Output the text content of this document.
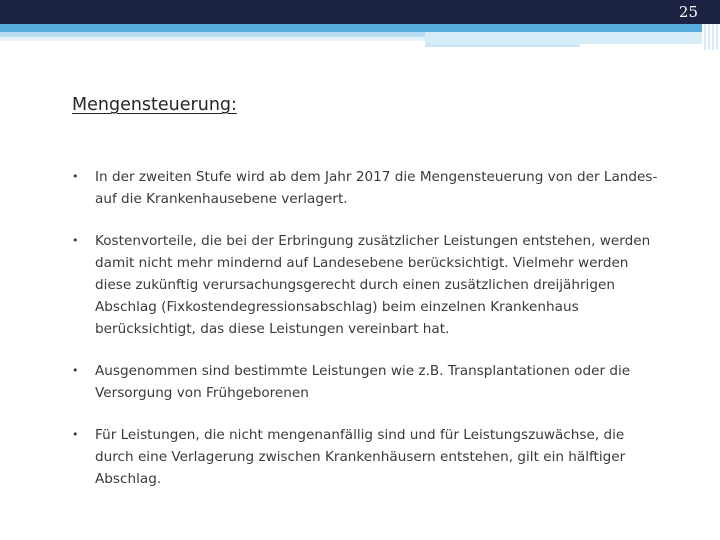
25
Mengensteuerung:
• In der zweiten Stufe wird ab dem Jahr 2017 die Mengensteuerung von der Landes- auf die Krankenhausebene verlagert.
• Kostenvorteile, die bei der Erbringung zusätzlicher Leistungen entstehen, werden damit nicht mehr mindernd auf Landesebene berücksichtigt. Vielmehr werden diese zukünftig verursachungsgerecht durch einen zusätzlichen dreijährigen Abschlag (Fixkostendegressionsabschlag) beim einzelnen Krankenhaus berücksichtigt, das diese Leistungen vereinbart hat.
• Ausgenommen sind bestimmte Leistungen wie z.B. Transplantationen oder die Versorgung von Frühgeborenen
• Für Leistungen, die nicht mengenanfällig sind und für Leistungszuwächse, die durch eine Verlagerung zwischen Krankenhäusern entstehen, gilt ein hälftiger Abschlag.
